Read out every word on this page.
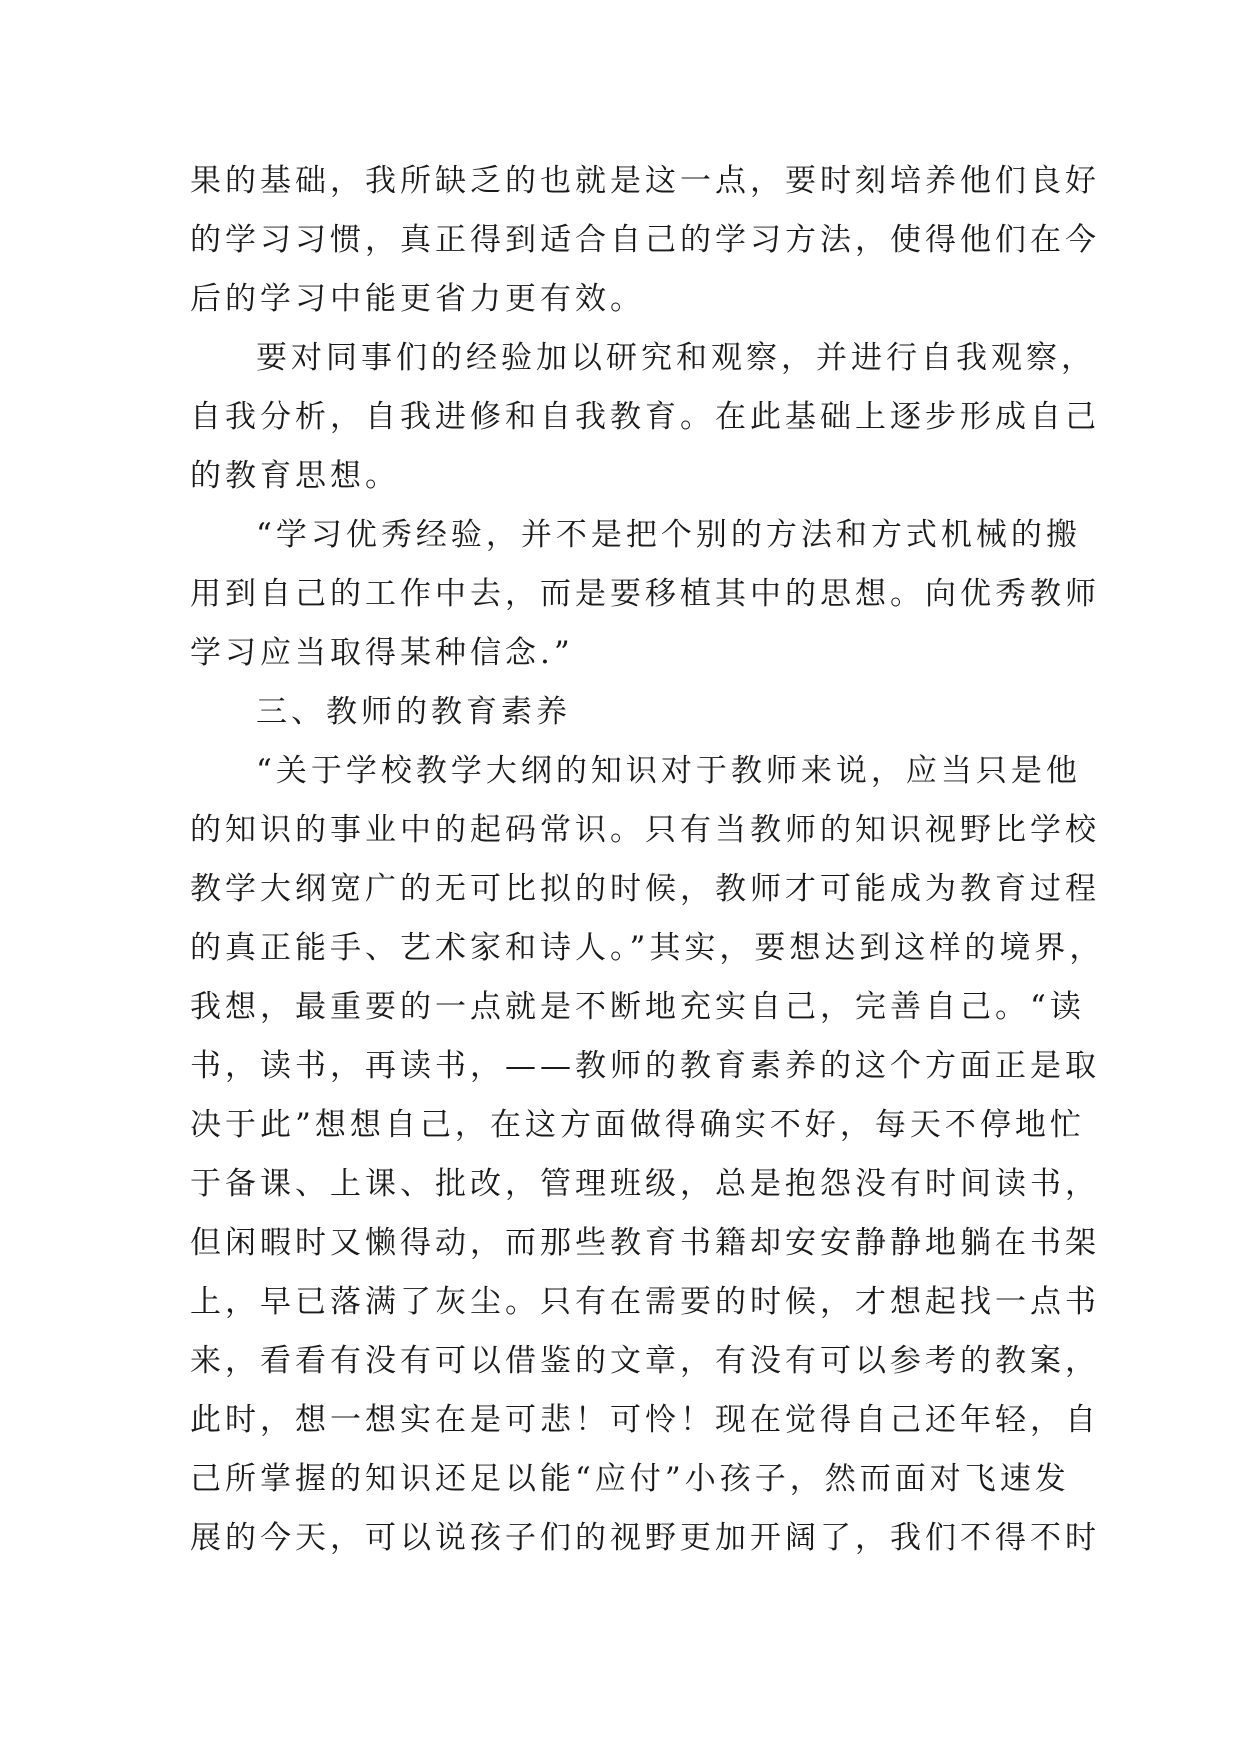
果的基础，我所缺乏的也就是这一点，要时刻培养他们良好
的学习习惯，真正得到适合自己的学习方法，使得他们在今
后的学习中能更省力更有效。
要对同事们的经验加以研究和观察，并进行自我观察，
自我分析，自我进修和自我教育。在此基础上逐步形成自己
的教育思想。
“学习优秀经验，并不是把个别的方法和方式机械的搬
用到自己的工作中去，而是要移植其中的思想。向优秀教师
学习应当取得某种信念.”
三、教师的教育素养
“关于学校教学大纲的知识对于教师来说，应当只是他
的知识的事业中的起码常识。只有当教师的知识视野比学校
教学大纲宽广的无可比拟的时候，教师才可能成为教育过程
的真正能手、艺术家和诗人。”其实，要想达到这样的境界，
我想，最重要的一点就是不断地充实自己，完善自己。“读
书，读书，再读书，——教师的教育素养的这个方面正是取
决于此”想想自己，在这方面做得确实不好，每天不停地忙
于备课、上课、批改，管理班级，总是抱怨没有时间读书，
但闲暇时又懒得动，而那些教育书籍却安安静静地躺在书架
上，早已落满了灰尘。只有在需要的时候，才想起找一点书
来，看看有没有可以借鉴的文章，有没有可以参考的教案，
此时，想一想实在是可悲！可怜！现在觉得自己还年轻，自
己所掌握的知识还足以能“应付”小孩子，然而面对飞速发
展的今天，可以说孩子们的视野更加开阔了，我们不得不时
